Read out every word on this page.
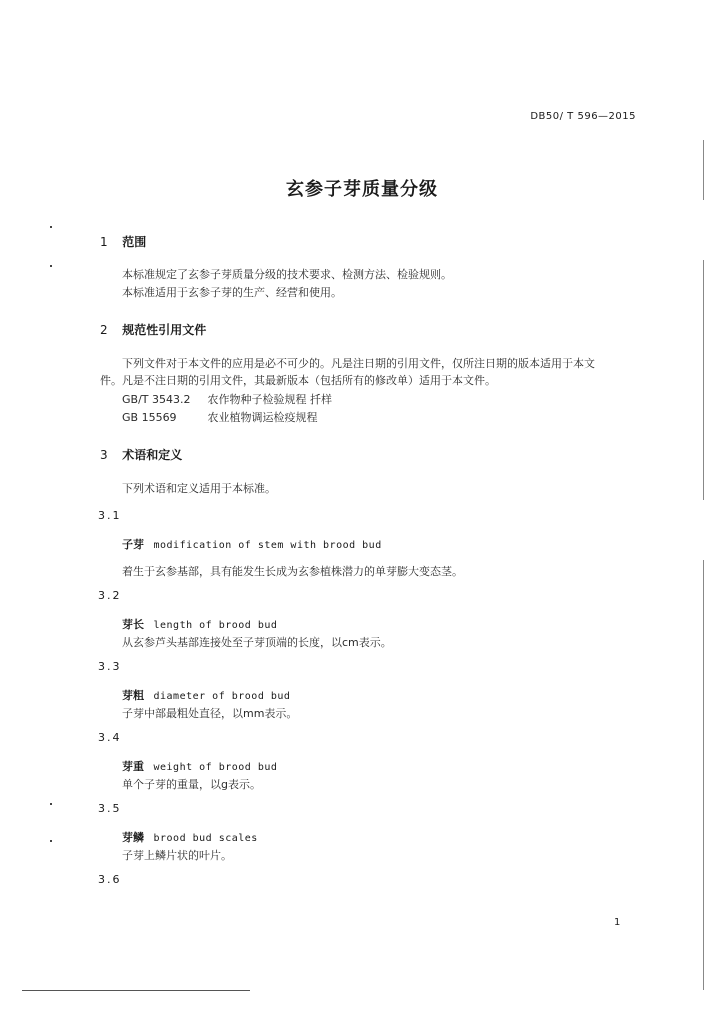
DB50/ T 596—2015
玄参子芽质量分级
1 范围
本标准规定了玄参子芽质量分级的技术要求、检测方法、检验规则。
本标准适用于玄参子芽的生产、经营和使用。
2 规范性引用文件
下列文件对于本文件的应用是必不可少的。凡是注日期的引用文件，仅所注日期的版本适用于本文
件。凡是不注日期的引用文件，其最新版本（包括所有的修改单）适用于本文件。
GB/T 3543.2 农作物种子检验规程 扦样
GB 15569	农业植物调运检疫规程
3 术语和定义
下列术语和定义适用于本标准。
3.1
子芽 modification of stem with brood bud
着生于玄参基部，具有能发生长成为玄参植株潜力的单芽膨大变态茎。
3.2
芽长 length of brood bud
从玄参芦头基部连接处至子芽顶端的长度，以cm表示。
3.3
芽粗 diameter of brood bud
子芽中部最粗处直径，以mm表示。
3.4
芽重 weight of brood bud
单个子芽的重量，以g表示。
3.5
芽鳞 brood bud scales
子芽上鳞片状的叶片。
3.6
1
